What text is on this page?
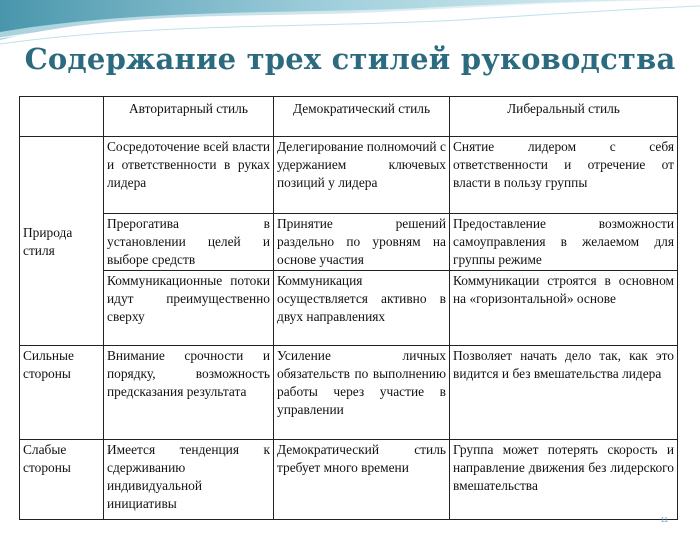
Содержание трех стилей руководства
	Авторитарный стиль	Демократический стиль	Либеральный стиль
Природа стиля	Сосредоточение всей власти и ответственности в руках лидера	Делегирование полномочий с удержанием ключевых позиций у лидера	Снятие лидером с себя ответственности и отречение от власти в пользу группы
	Прерогатива в установлении целей и выборе средств	Принятие решений раздельно по уровням на основе участия	Предоставление возможности самоуправления в желаемом для группы режиме
	Коммуникационные потоки идут преимущественно сверху	Коммуникация осуществляется активно в двух направлениях	Коммуникации строятся в основном на «горизонтальной» основе
Сильные стороны	Внимание срочности и порядку, возможность предсказания результата	Усиление личных обязательств по выполнению работы через участие в управлении	Позволяет начать дело так, как это видится и без вмешательства лидера
Слабые стороны	Имеется тенденция к сдерживанию индивидуальной инициативы	Демократический стиль требует много времени	Группа может потерять скорость и направление движения без лидерского вмешательства
11
